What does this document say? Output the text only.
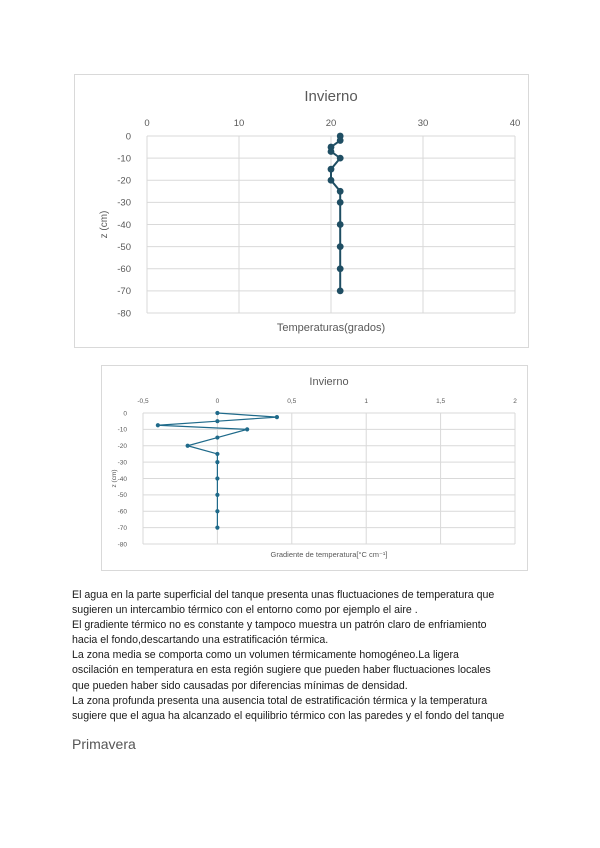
Invierno
0
-10
-20
-30
-40
-50
-60
-70
-80
0	10	20	30	40
Temperaturas(grados)
z (cm)
Invierno
0
-10
-20
-30
-40
-50
-60
-70
-80
-0,5	0	0,5	1	1,5	2
Gradiente de temperatura[°C cm⁻¹]
z (cm)

El agua en la parte superficial del tanque presenta unas fluctuaciones de temperatura que

sugieren un intercambio térmico con el entorno como por ejemplo el aire .

El gradiente térmico no es constante y tampoco muestra un patrón claro de enfriamiento

hacia el fondo,descartando una estratificación térmica.

La zona media se comporta como un volumen térmicamente homogéneo.La ligera

oscilación en temperatura en esta región sugiere que pueden haber fluctuaciones locales

que pueden haber sido causadas por diferencias mínimas de densidad.

La zona profunda presenta una ausencia total de estratificación térmica y la temperatura

sugiere que el agua ha alcanzado el equilibrio térmico con las paredes y el fondo del tanque

Primavera
